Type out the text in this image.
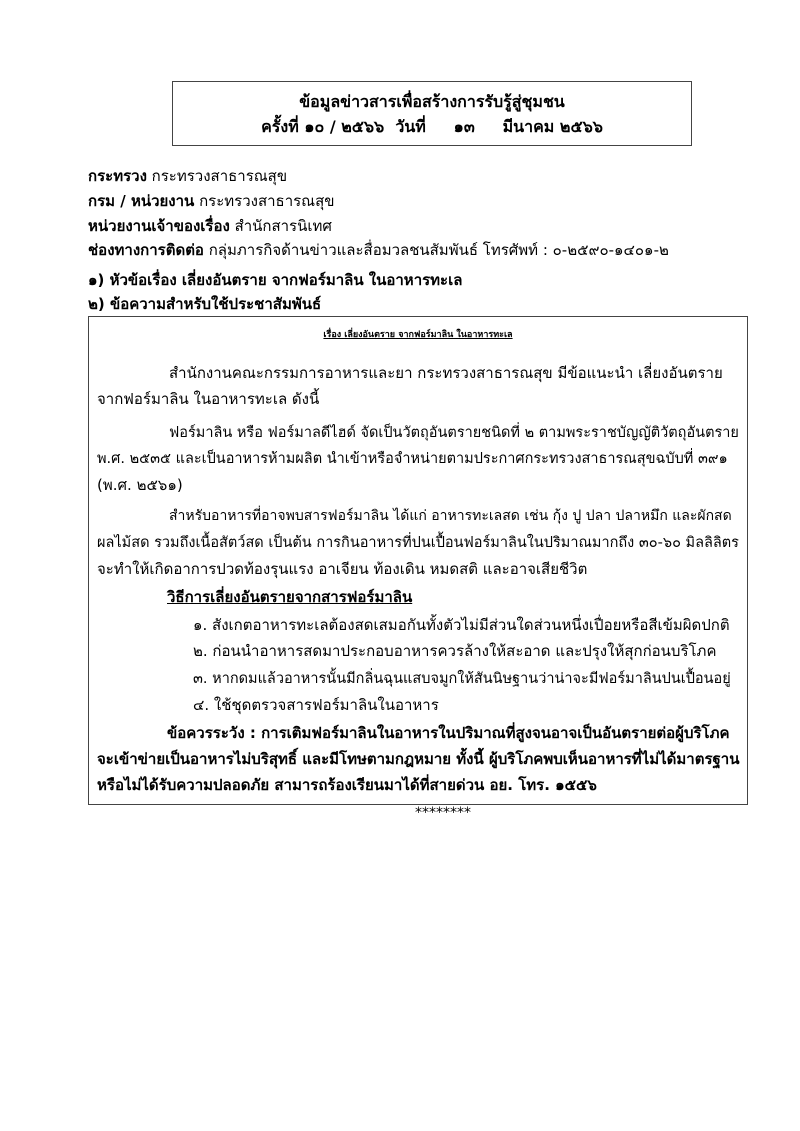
ข้อมูลข่าวสารเพื่อสร้างการรับรู้สู่ชุมชน
ครั้งที่ ๑๐ / ๒๕๖๖ วันที่ ๑๓ มีนาคม ๒๕๖๖
กระทรวง กระทรวงสาธารณสุข
กรม / หน่วยงาน กระทรวงสาธารณสุข
หน่วยงานเจ้าของเรื่อง สำนักสารนิเทศ
ช่องทางการติดต่อ กลุ่มภารกิจด้านข่าวและสื่อมวลชนสัมพันธ์ โทรศัพท์ : ๐-๒๕๙๐-๑๔๐๑-๒
๑) หัวข้อเรื่อง เลี่ยงอันตราย จากฟอร์มาลิน ในอาหารทะเล
๒) ข้อความสำหรับใช้ประชาสัมพันธ์
เรื่อง เลี่ยงอันตราย จากฟอร์มาลิน ในอาหารทะเล
สำนักงานคณะกรรมการอาหารและยา กระทรวงสาธารณสุข มีข้อแนะนำ เลี่ยงอันตราย
จากฟอร์มาลิน ในอาหารทะเล ดังนี้
ฟอร์มาลิน หรือ ฟอร์มาลดีไฮด์ จัดเป็นวัตถุอันตรายชนิดที่ ๒ ตามพระราชบัญญัติวัตถุอันตราย
พ.ศ. ๒๕๓๕ และเป็นอาหารห้ามผลิต นำเข้าหรือจำหน่ายตามประกาศกระทรวงสาธารณสุขฉบับที่ ๓๙๑
(พ.ศ. ๒๕๖๑)
สำหรับอาหารที่อาจพบสารฟอร์มาลิน ได้แก่ อาหารทะเลสด เช่น กุ้ง ปู ปลา ปลาหมึก และผักสด
ผลไม้สด รวมถึงเนื้อสัตว์สด เป็นต้น การกินอาหารที่ปนเปื้อนฟอร์มาลินในปริมาณมากถึง ๓๐-๖๐ มิลลิลิตร
จะทำให้เกิดอาการปวดท้องรุนแรง อาเจียน ท้องเดิน หมดสติ และอาจเสียชีวิต
วิธีการเลี่ยงอันตรายจากสารฟอร์มาลิน
๑. สังเกตอาหารทะเลต้องสดเสมอกันทั้งตัวไม่มีส่วนใดส่วนหนึ่งเปื่อยหรือสีเข้มผิดปกติ
๒. ก่อนนำอาหารสดมาประกอบอาหารควรล้างให้สะอาด และปรุงให้สุกก่อนบริโภค
๓. หากดมแล้วอาหารนั้นมีกลิ่นฉุนแสบจมูกให้สันนิษฐานว่าน่าจะมีฟอร์มาลินปนเปื้อนอยู่
๔. ใช้ชุดตรวจสารฟอร์มาลินในอาหาร
ข้อควรระวัง : การเติมฟอร์มาลินในอาหารในปริมาณที่สูงจนอาจเป็นอันตรายต่อผู้บริโภค
จะเข้าข่ายเป็นอาหารไม่บริสุทธิ์ และมีโทษตามกฎหมาย ทั้งนี้ ผู้บริโภคพบเห็นอาหารที่ไม่ได้มาตรฐาน
หรือไม่ได้รับความปลอดภัย สามารถร้องเรียนมาได้ที่สายด่วน อย. โทร. ๑๕๕๖
********
